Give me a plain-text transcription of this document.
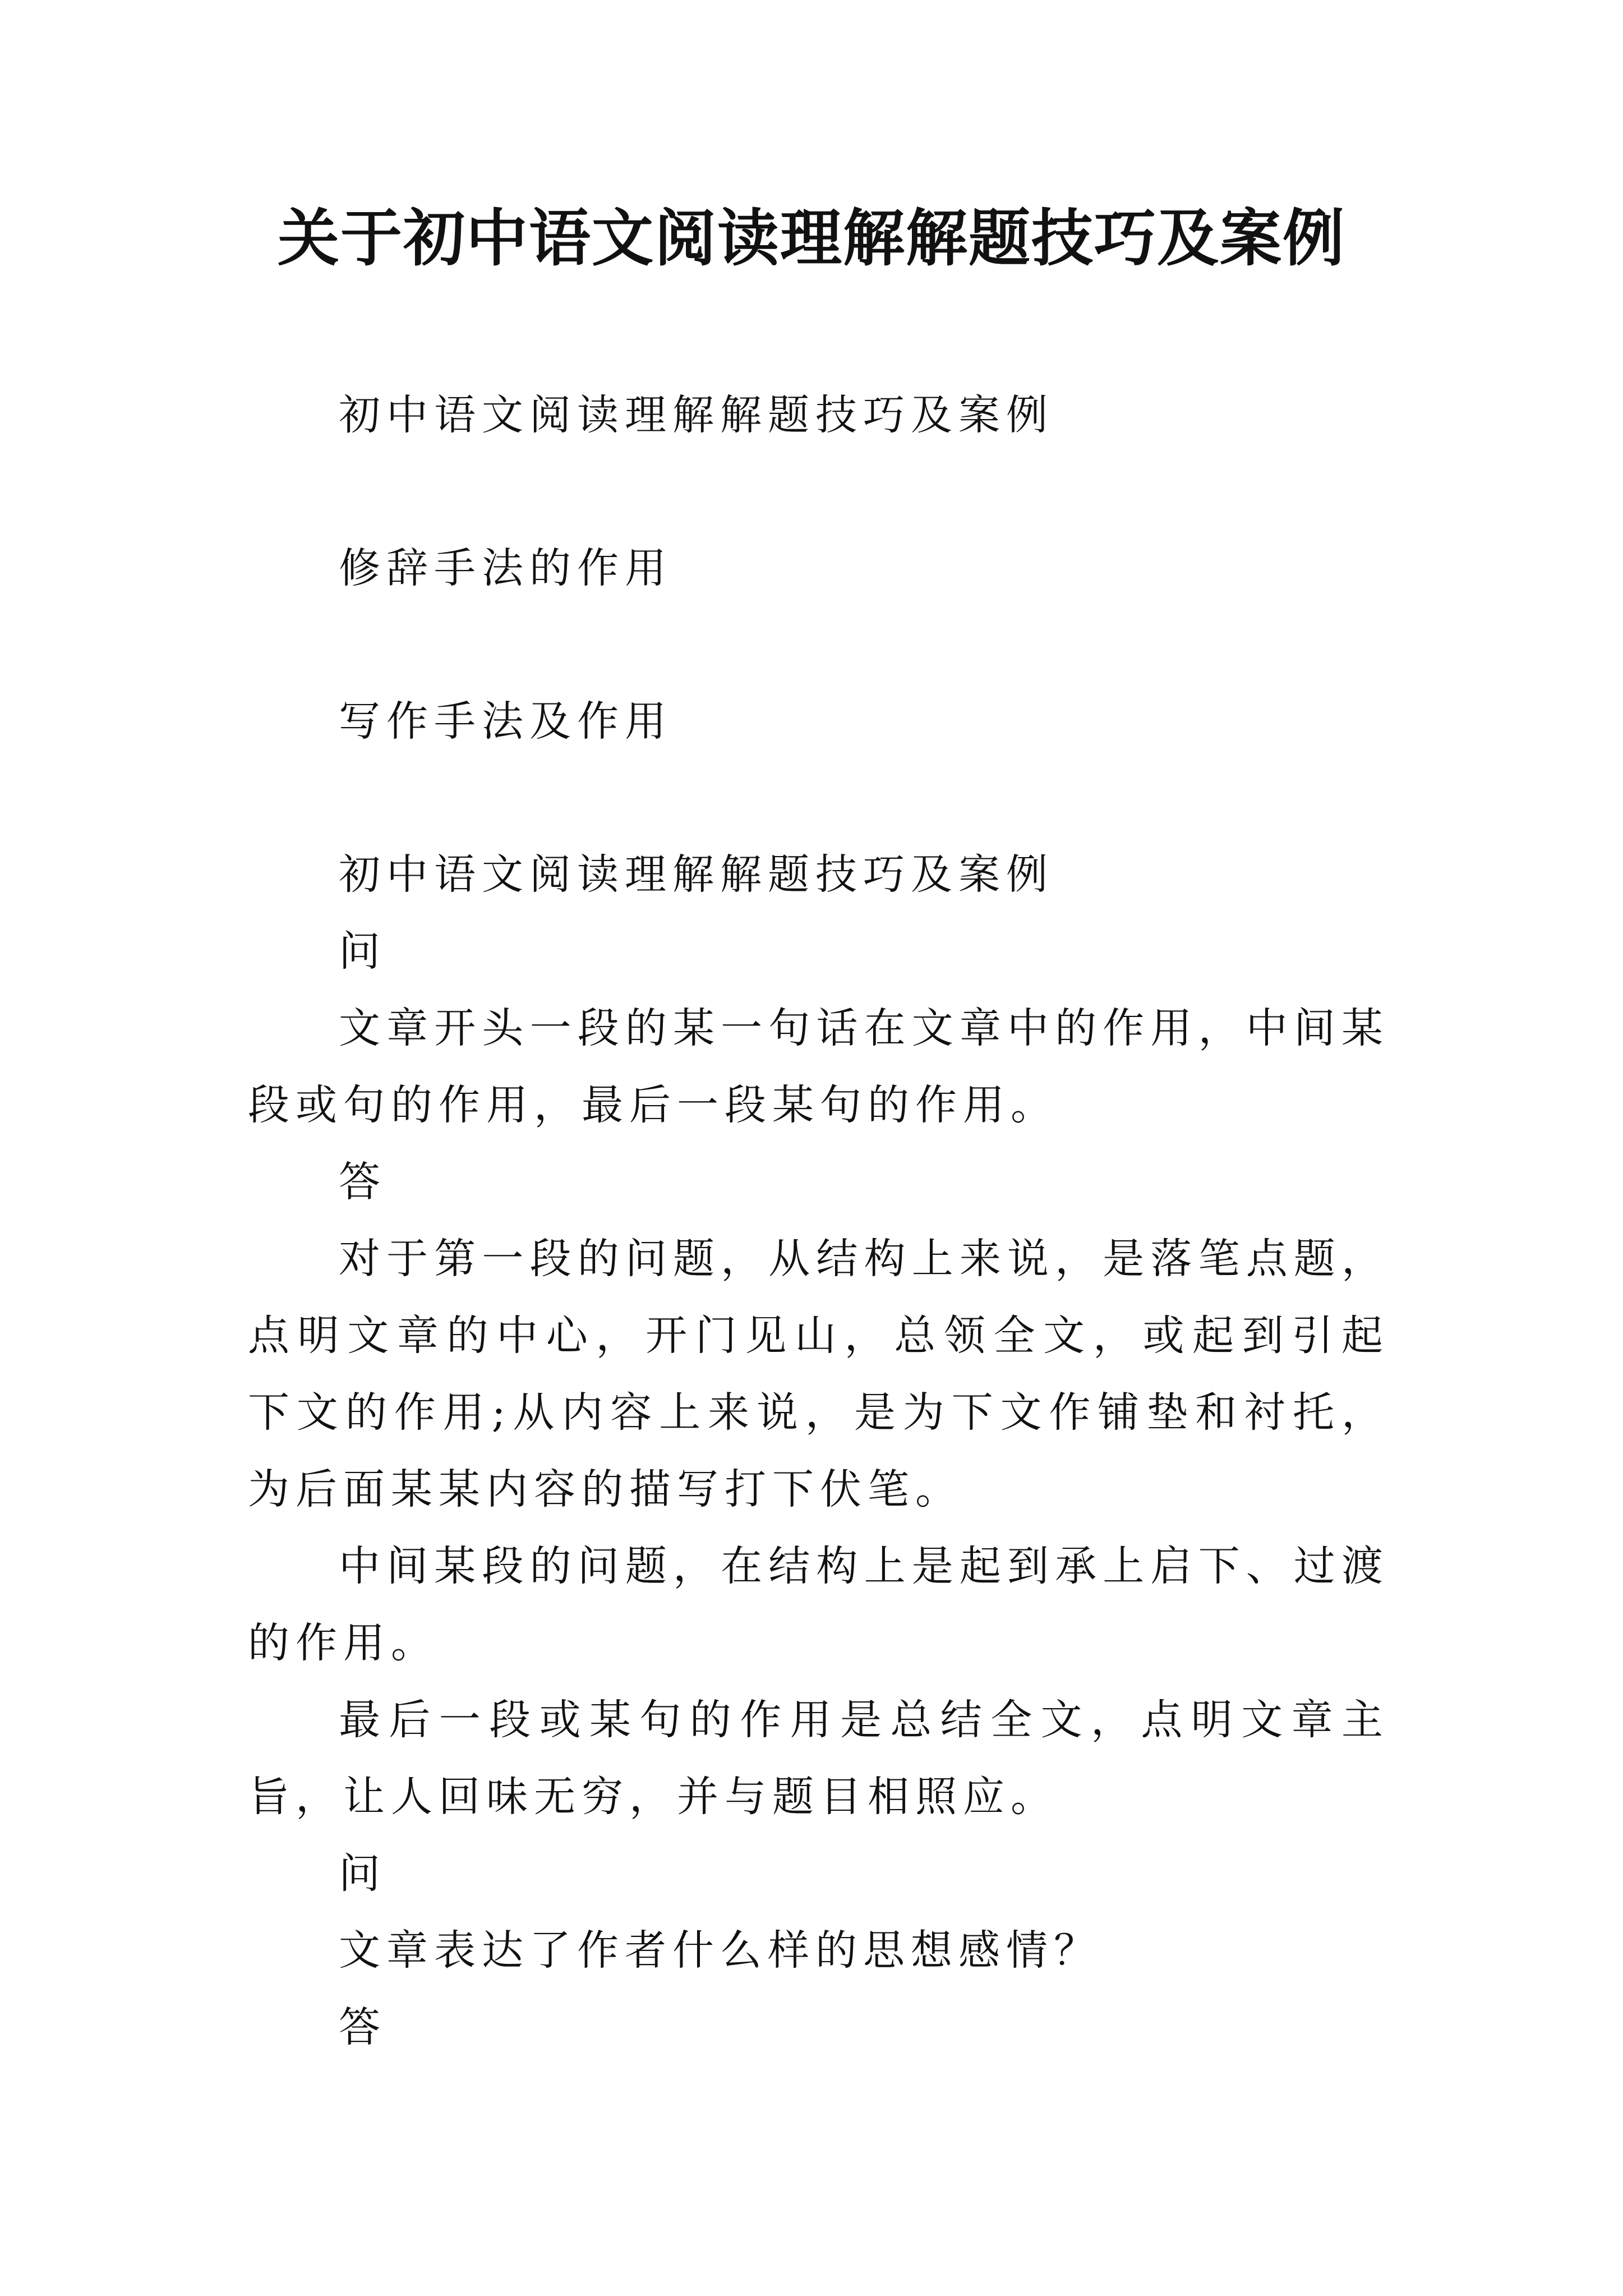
关于初中语文阅读理解解题技巧及案例

初中语文阅读理解解题技巧及案例

修辞手法的作用

写作手法及作用

初中语文阅读理解解题技巧及案例

问

文章开头一段的某一句话在文章中的作用，中间某段或句的作用，最后一段某句的作用。

答

对于第一段的问题，从结构上来说，是落笔点题，点明文章的中心，开门见山，总领全文，或起到引起下文的作用;从内容上来说，是为下文作铺垫和衬托，为后面某某内容的描写打下伏笔。

中间某段的问题，在结构上是起到承上启下、过渡的作用。

最后一段或某句的作用是总结全文，点明文章主旨，让人回味无穷，并与题目相照应。

问

文章表达了作者什么样的思想感情？

答
